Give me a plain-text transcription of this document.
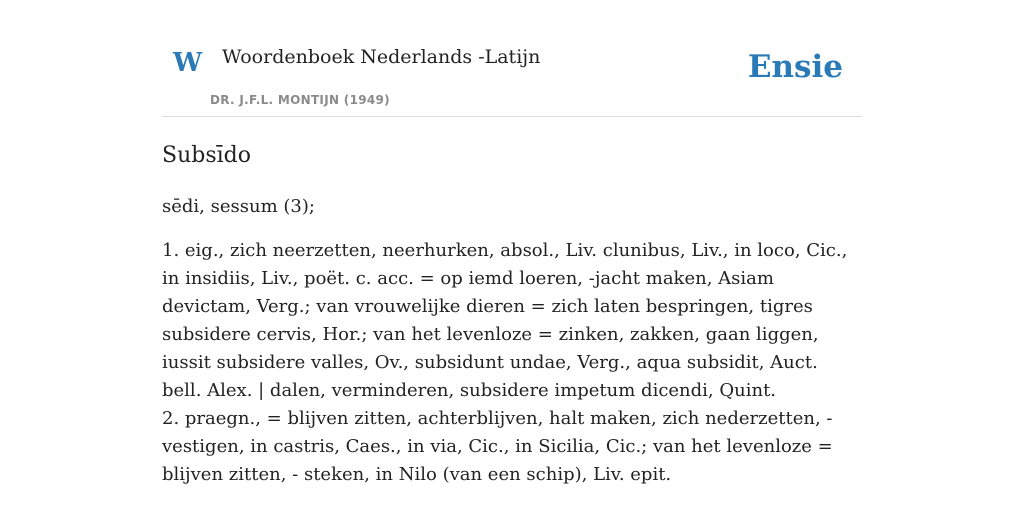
W Woordenboek Nederlands -Latijn
DR. J.F.L. MONTIJN (1949)
Ensie
Subsīdo

sēdi, sessum (3);

1. eig., zich neerzetten, neerhurken, absol., Liv. clunibus, Liv., in loco, Cic., in insidiis, Liv., poët. c. acc. = op iemd loeren, -jacht maken, Asiam devictam, Verg.; van vrouwelijke dieren = zich laten bespringen, tigres subsidere cervis, Hor.; van het levenloze = zinken, zakken, gaan liggen, iussit subsidere valles, Ov., subsidunt undae, Verg., aqua subsidit, Auct. bell. Alex. | dalen, verminderen, subsidere impetum dicendi, Quint.

2. praegn., = blijven zitten, achterblijven, halt maken, zich nederzetten, - vestigen, in castris, Caes., in via, Cic., in Sicilia, Cic.; van het levenloze = blijven zitten, - steken, in Nilo (van een schip), Liv. epit.
